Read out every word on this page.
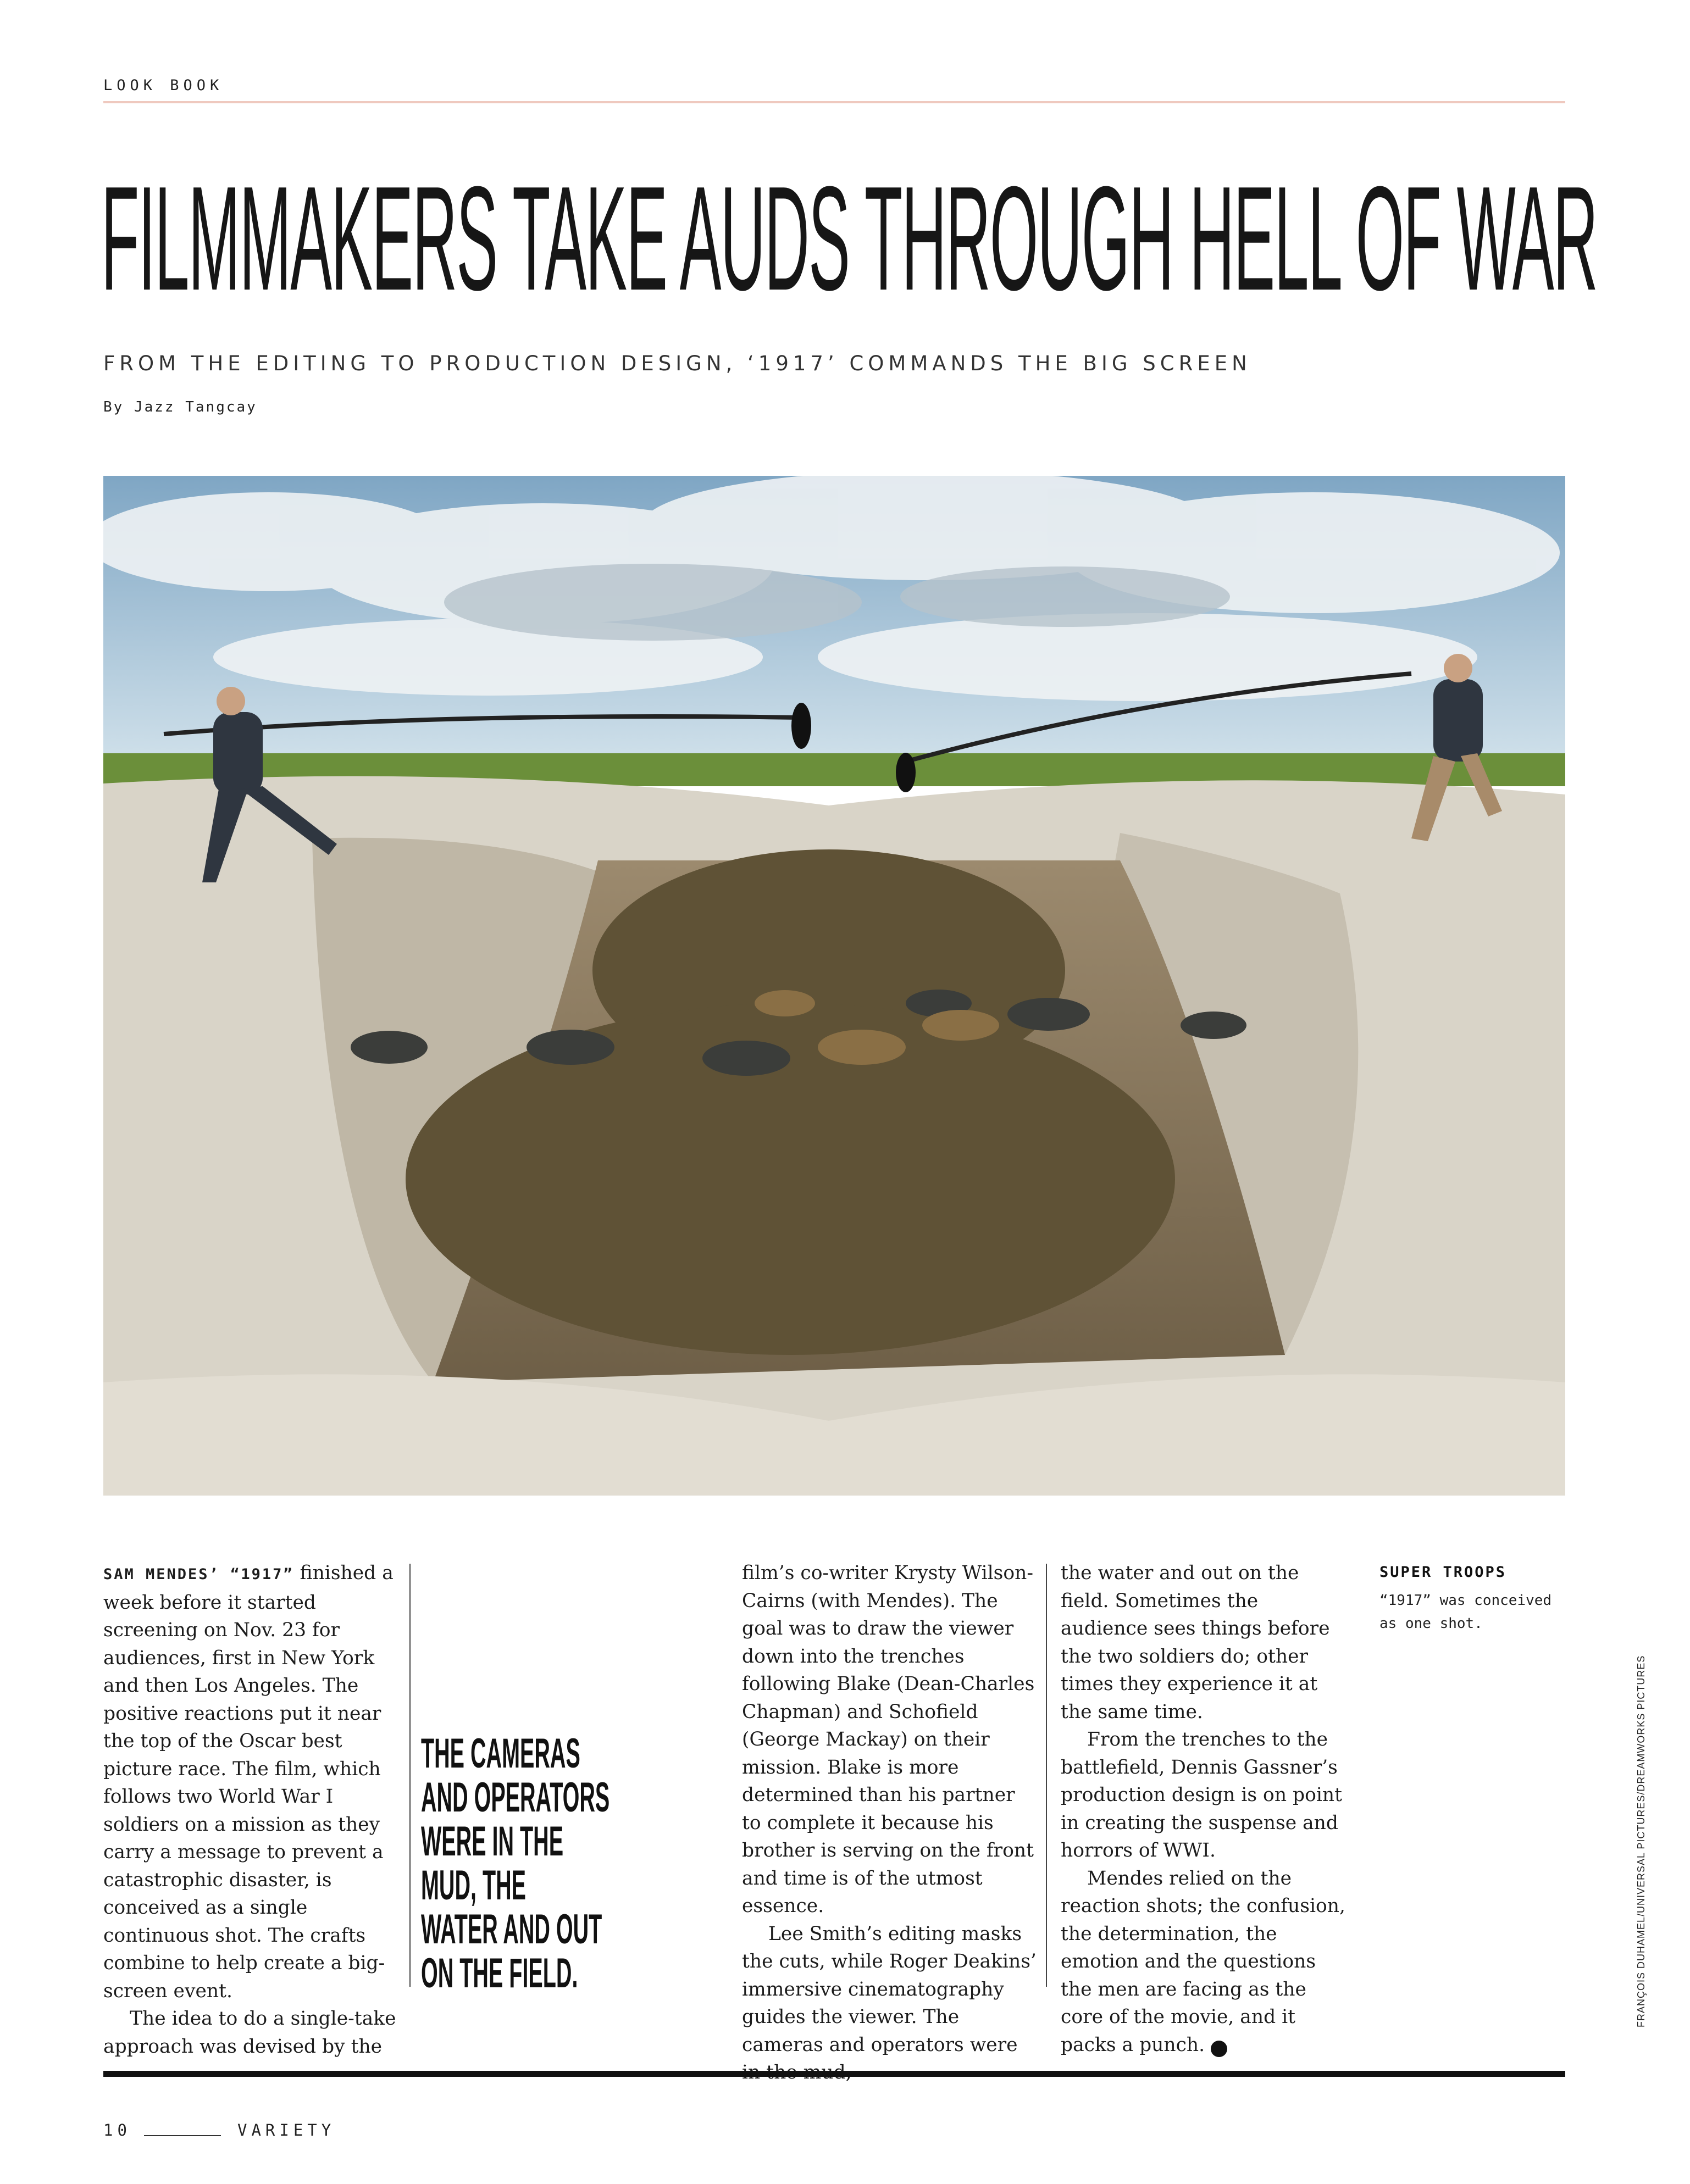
LOOK BOOK
FILMMAKERS TAKE AUDS THROUGH HELL OF WAR
FROM THE EDITING TO PRODUCTION DESIGN, ‘1917’ COMMANDS THE BIG SCREEN
By Jazz Tangcay

SAM MENDES’ “1917” finished a week before it started screening on Nov. 23 for audiences, first in New York and then Los Angeles. The positive reactions put it near the top of the Oscar best picture race. The film, which follows two World War I soldiers on a mission as they carry a message to prevent a catastrophic disaster, is conceived as a single continuous shot. The crafts combine to help create a big-screen event.

The idea to do a single-take approach was devised by the

THE CAMERAS
AND OPERATORS
WERE IN THE
MUD, THE
WATER AND OUT
ON THE FIELD.

film’s co-writer Krysty Wilson-Cairns (with Mendes). The goal was to draw the viewer down into the trenches following Blake (Dean-Charles Chapman) and Schofield (George Mackay) on their mission. Blake is more determined than his partner to complete it because his brother is serving on the front and time is of the utmost essence.

Lee Smith’s editing masks the cuts, while Roger Deakins’ immersive cinematography guides the viewer. The cameras and operators were

the water and out on the field. Sometimes the audience sees things before the two soldiers do; other times they experience it at the same time.

From the trenches to the battlefield, Dennis Gassner’s production design is on point in creating the suspense and horrors of WWI.

Mendes relied on the reaction shots; the confusion, the determination, the emotion and the questions the men are facing as the core of the movie, and it packs a punch.	V

SUPER TROOPS
“1917” was conceived as one shot.
FRANÇOIS DUHAMEL/UNIVERSAL PICTURES/DREAMWORKS PICTURES
10	VARIETY
